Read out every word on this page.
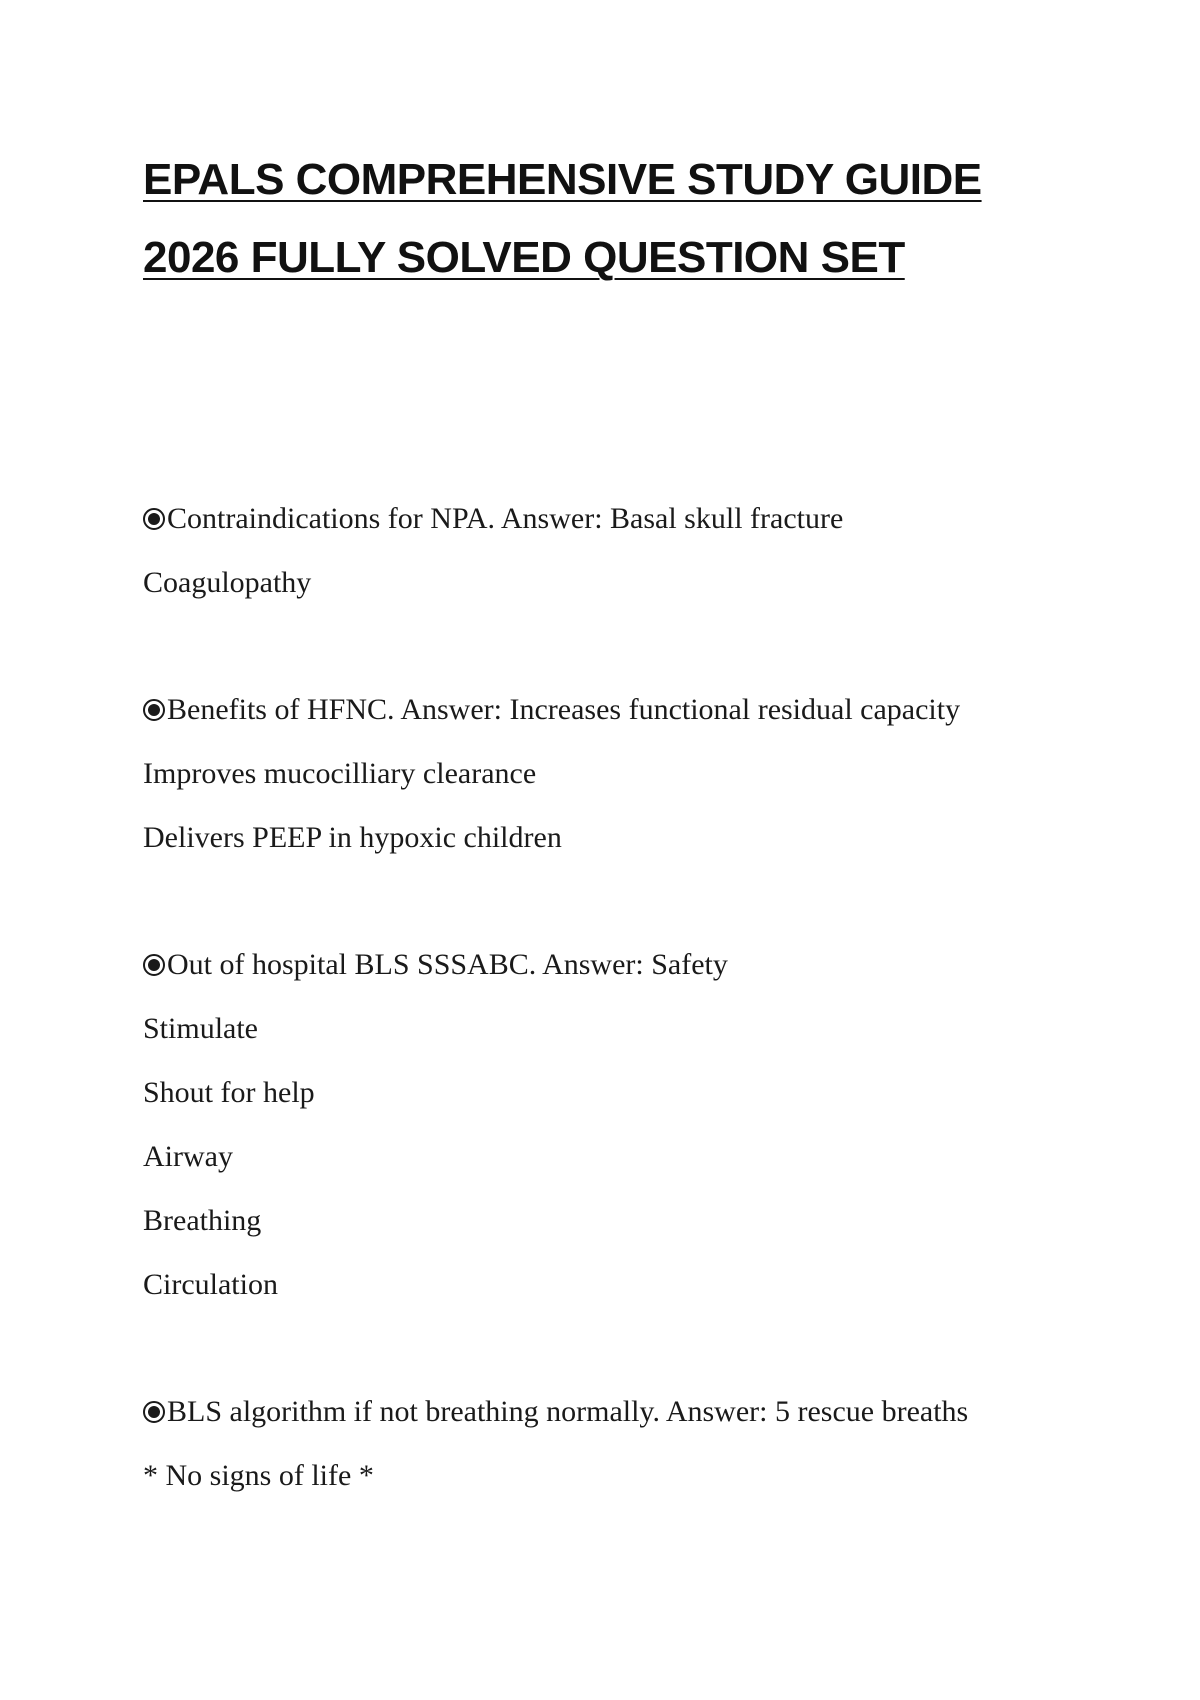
EPALS COMPREHENSIVE STUDY GUIDE
2026 FULLY SOLVED QUESTION SET
Contraindications for NPA. Answer: Basal skull fracture
Coagulopathy
Benefits of HFNC. Answer: Increases functional residual capacity
Improves mucocilliary clearance
Delivers PEEP in hypoxic children
Out of hospital BLS SSSABC. Answer: Safety
Stimulate
Shout for help
Airway
Breathing
Circulation
BLS algorithm if not breathing normally. Answer: 5 rescue breaths
* No signs of life *
